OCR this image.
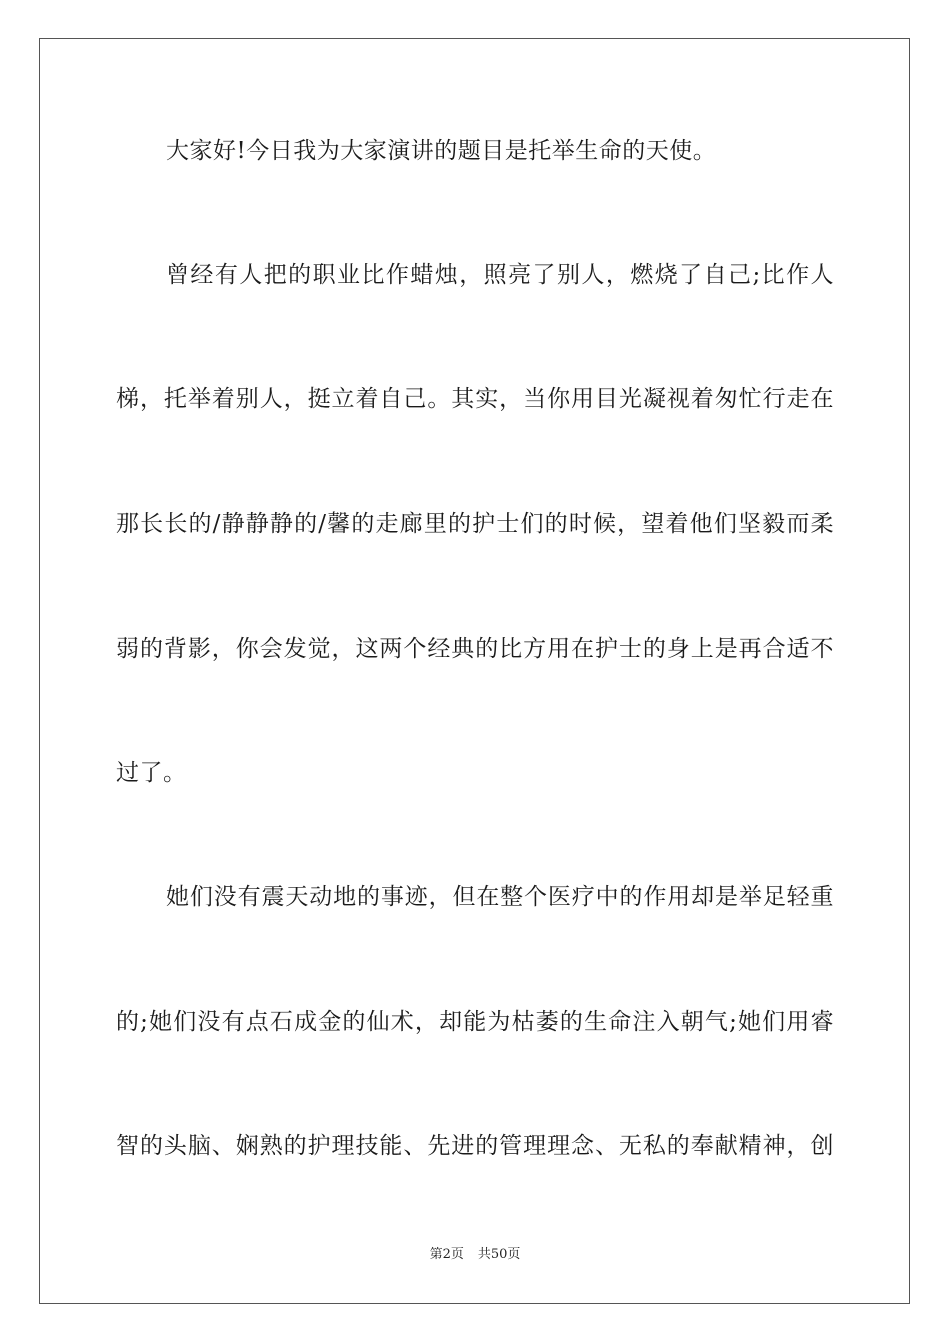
大家好!今日我为大家演讲的题目是托举生命的天使。
曾经有人把的职业比作蜡烛，照亮了别人，燃烧了自己;比作人
梯，托举着别人，挺立着自己。其实，当你用目光凝视着匆忙行走在
那长长的/静静静的/馨的走廊里的护士们的时候，望着他们坚毅而柔
弱的背影，你会发觉，这两个经典的比方用在护士的身上是再合适不
过了。
她们没有震天动地的事迹，但在整个医疗中的作用却是举足轻重
的;她们没有点石成金的仙术，却能为枯萎的生命注入朝气;她们用睿
智的头脑、娴熟的护理技能、先进的管理理念、无私的奉献精神，创
第2页 共50页
